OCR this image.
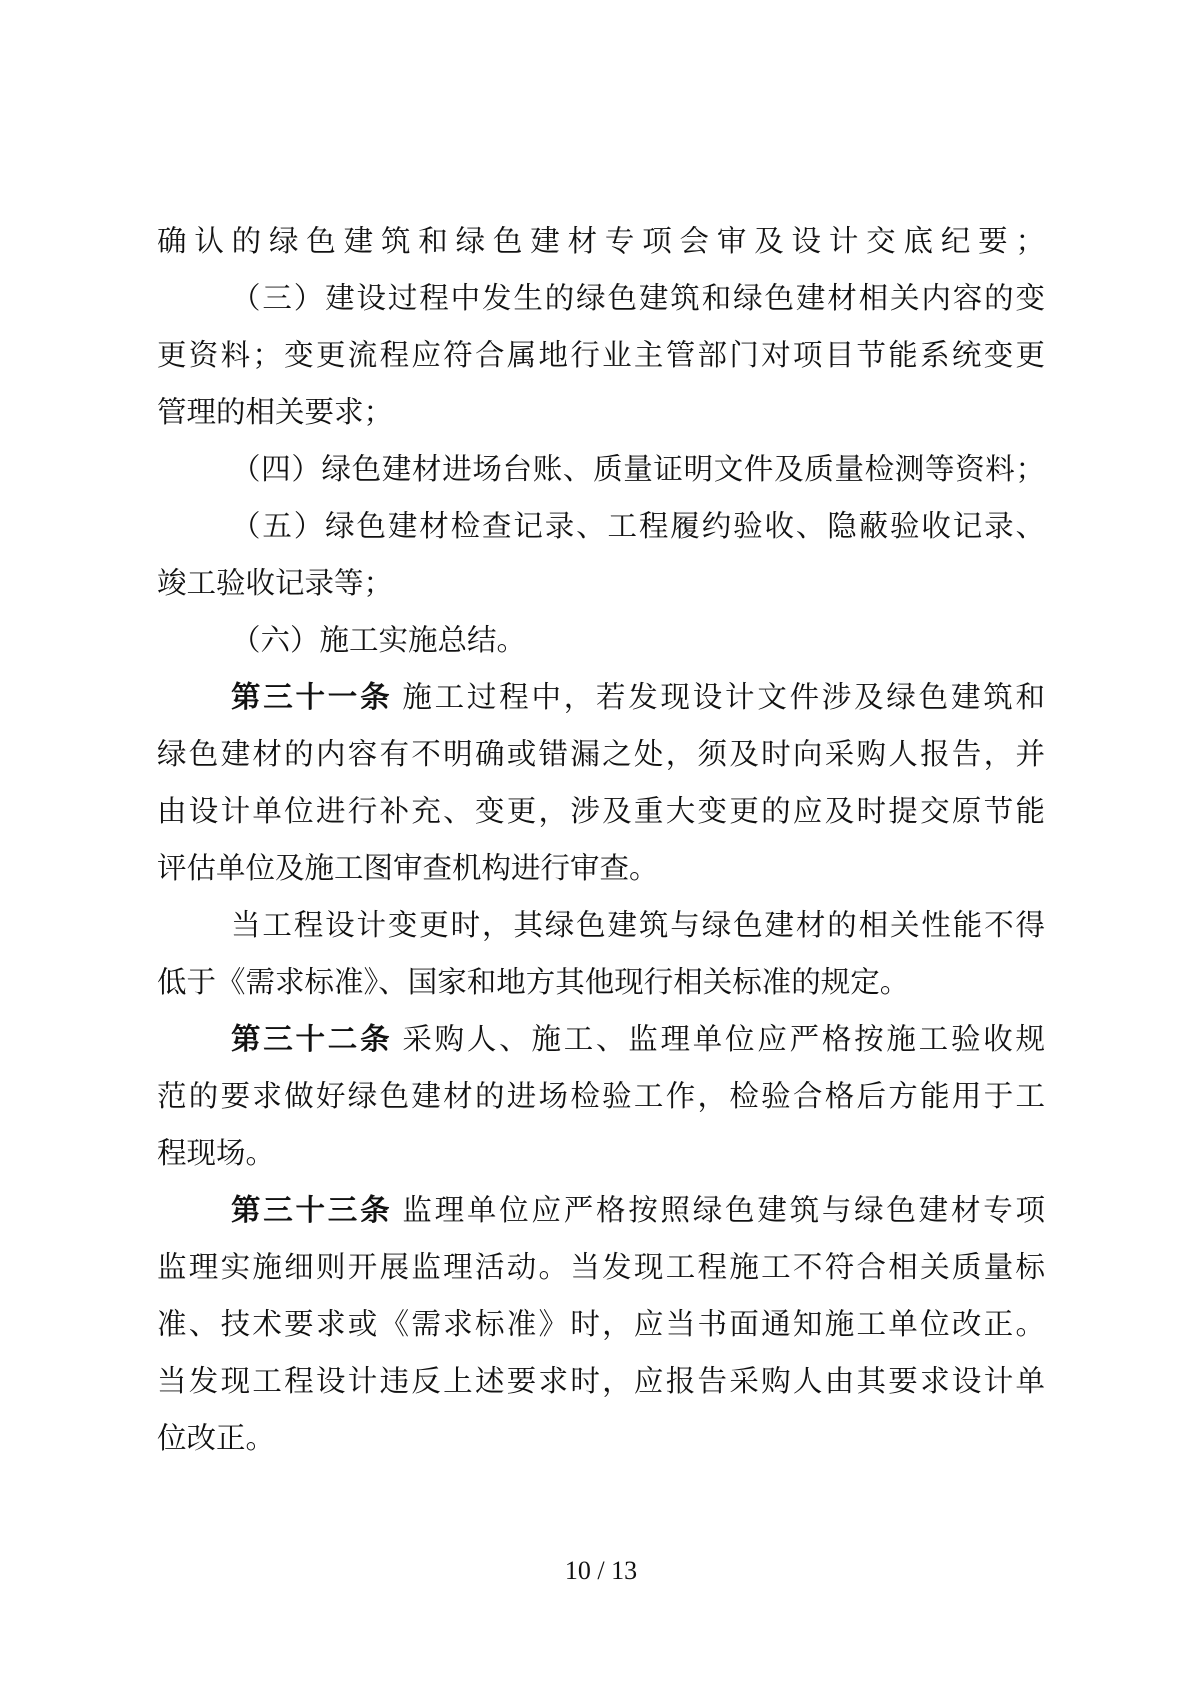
确认的绿色建筑和绿色建材专项会审及设计交底纪要；
（三）建设过程中发生的绿色建筑和绿色建材相关内容的变
更资料；变更流程应符合属地行业主管部门对项目节能系统变更
管理的相关要求；
（四）绿色建材进场台账、质量证明文件及质量检测等资料；
（五）绿色建材检查记录、工程履约验收、隐蔽验收记录、
竣工验收记录等；
（六）施工实施总结。
第三十一条 施工过程中，若发现设计文件涉及绿色建筑和
绿色建材的内容有不明确或错漏之处，须及时向采购人报告，并
由设计单位进行补充、变更，涉及重大变更的应及时提交原节能
评估单位及施工图审查机构进行审查。
当工程设计变更时，其绿色建筑与绿色建材的相关性能不得
低于《需求标准》、国家和地方其他现行相关标准的规定。
第三十二条 采购人、施工、监理单位应严格按施工验收规
范的要求做好绿色建材的进场检验工作，检验合格后方能用于工
程现场。
第三十三条 监理单位应严格按照绿色建筑与绿色建材专项
监理实施细则开展监理活动。当发现工程施工不符合相关质量标
准、技术要求或《需求标准》时，应当书面通知施工单位改正。
当发现工程设计违反上述要求时，应报告采购人由其要求设计单
位改正。
10 / 13
